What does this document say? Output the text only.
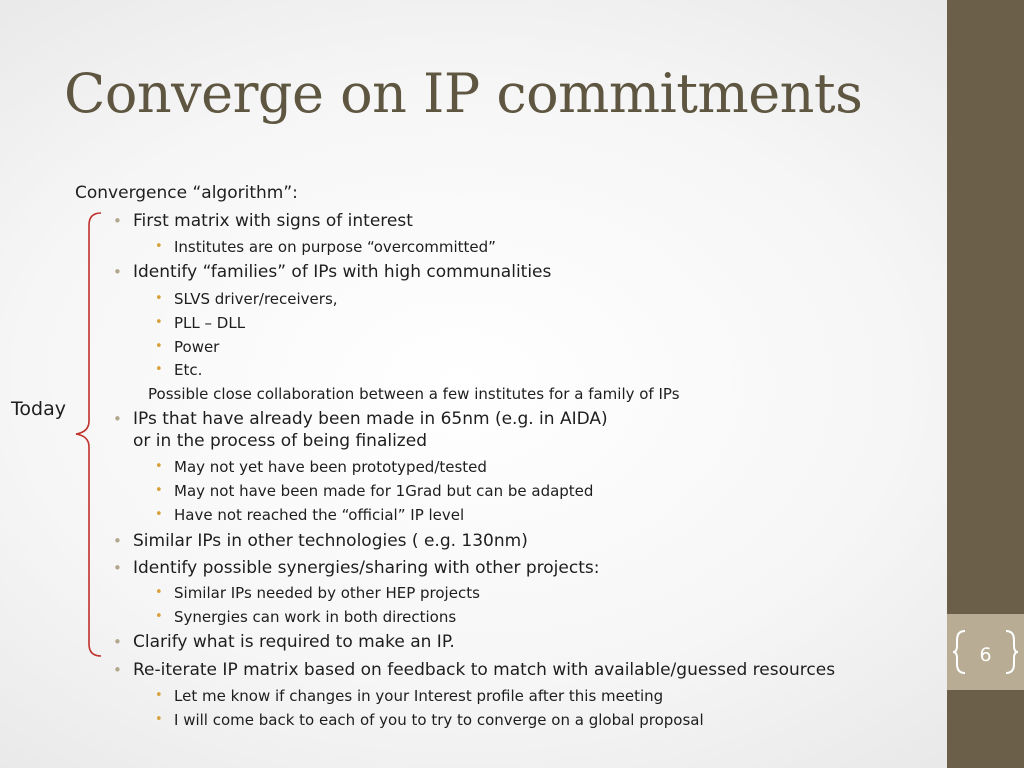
6
Converge on IP commitments
Today
Convergence “algorithm”:
• First matrix with signs of interest
• Institutes are on purpose “overcommitted”
• Identify “families” of IPs with high communalities
• SLVS driver/receivers,
• PLL – DLL
• Power
• Etc.
Possible close collaboration between a few institutes for a family of IPs
• IPs that have already been made in 65nm (e.g. in AIDA)
or in the process of being finalized
• May not yet have been prototyped/tested
• May not have been made for 1Grad but can be adapted
• Have not reached the “official” IP level
• Similar IPs in other technologies ( e.g. 130nm)
• Identify possible synergies/sharing with other projects:
• Similar IPs needed by other HEP projects
• Synergies can work in both directions
• Clarify what is required to make an IP.
• Re-iterate IP matrix based on feedback to match with available/guessed resources
• Let me know if changes in your Interest profile after this meeting
• I will come back to each of you to try to converge on a global proposal
